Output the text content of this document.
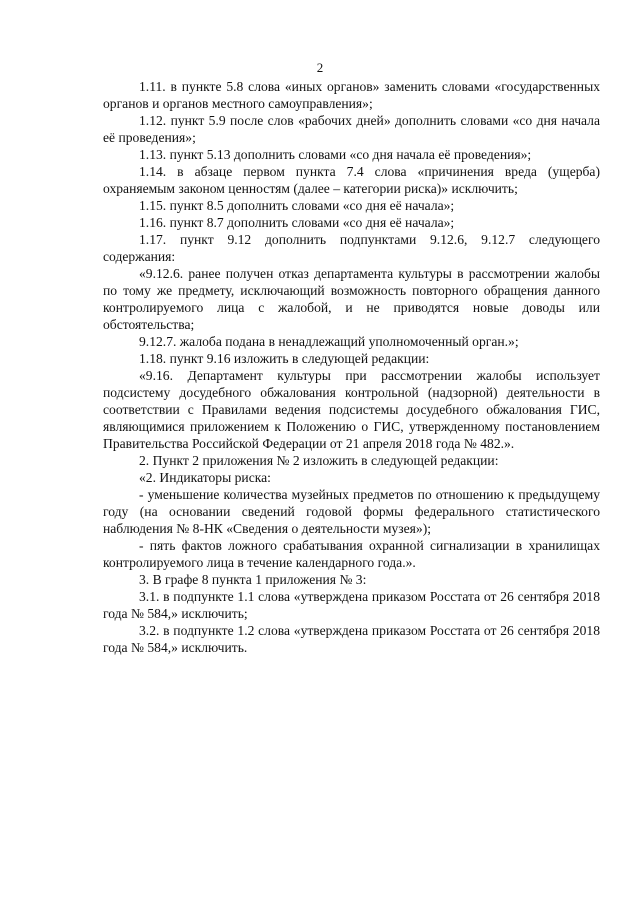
2

1.11. в пункте 5.8 слова «иных органов» заменить словами «государственных органов и органов местного самоуправления»;

1.12. пункт 5.9 после слов «рабочих дней» дополнить словами «со дня начала её проведения»;

1.13. пункт 5.13 дополнить словами «со дня начала её проведения»;

1.14. в абзаце первом пункта 7.4 слова «причинения вреда (ущерба) охраняемым законом ценностям (далее – категории риска)» исключить;

1.15. пункт 8.5 дополнить словами «со дня её начала»;

1.16. пункт 8.7 дополнить словами «со дня её начала»;

1.17. пункт 9.12 дополнить подпунктами 9.12.6, 9.12.7 следующего содержания:

«9.12.6. ранее получен отказ департамента культуры в рассмотрении жалобы по тому же предмету, исключающий возможность повторного обращения данного контролируемого лица с жалобой, и не приводятся новые доводы или обстоятельства;

9.12.7. жалоба подана в ненадлежащий уполномоченный орган.»;

1.18. пункт 9.16 изложить в следующей редакции:

«9.16. Департамент культуры при рассмотрении жалобы использует подсистему досудебного обжалования контрольной (надзорной) деятельности в соответствии с Правилами ведения подсистемы досудебного обжалования ГИС, являющимися приложением к Положению о ГИС, утвержденному постановлением Правительства Российской Федерации от 21 апреля 2018 года № 482.».

2. Пункт 2 приложения № 2 изложить в следующей редакции:

«2. Индикаторы риска:

- уменьшение количества музейных предметов по отношению к предыдущему году (на основании сведений годовой формы федерального статистического наблюдения № 8-НК «Сведения о деятельности музея»);

- пять фактов ложного срабатывания охранной сигнализации в хранилищах контролируемого лица в течение календарного года.».

3. В графе 8 пункта 1 приложения № 3:

3.1. в подпункте 1.1 слова «утверждена приказом Росстата от 26 сентября 2018 года № 584,» исключить;

3.2. в подпункте 1.2 слова «утверждена приказом Росстата от 26 сентября 2018 года № 584,» исключить.
